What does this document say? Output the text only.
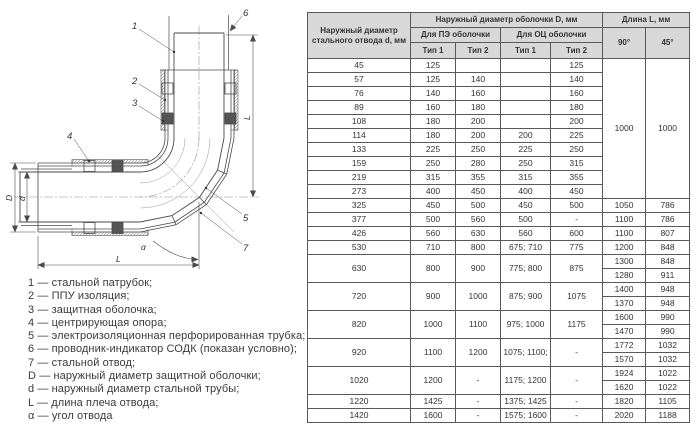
D d
L
L
α
1
2
3
4
5
6
7
1 — стальной патрубок;
2 — ППУ изоляция;
3 — защитная оболочка;
4 — центрирующая опора;
5 — электроизоляционная перфорированная трубка;
6 — проводник-индикатор СОДК (показан условно);
7 — стальной отвод;
D — наружный диаметр защитной оболочки;
d — наружный диаметр стальной трубы;
L — длина плеча отвода;
α — угол отвода
Наружный диаметр стального отвода d, мм	Наружный диаметр оболочки D, мм				Длина L, мм	
	Для ПЭ оболочки		Для ОЦ оболочки		90°	45°
	Тип 1	Тип 2	Тип 1	Тип 2		
45	125			125	1000	1000
57	125	140		140		
76	140	160		160		
89	160	180		180		
108	180	200		200		
114	180	200	200	225		
133	225	250	225	250		
159	250	280	250	315		
219	315	355	315	355		
273	400	450	400	450		
325	450	500	450	500	1050	786
377	500	560	500	-	1100	786
426	560	630	560	600	1100	807
530	710	800	675; 710	775	1200	848
630	800	900	775; 800	875	1300	848
					1280	911
720	900	1000	875; 900	1075	1400	948
					1370	948
820	1000	1100	975; 1000	1175	1600	990
					1470	990
920	1100	1200	1075; 1100;	-	1772	1032
					1570	1032
1020	1200	-	1175; 1200	-	1924	1022
					1620	1022
1220	1425	-	1375; 1425	-	1820	1105
1420	1600	-	1575; 1600	-	2020	1188
